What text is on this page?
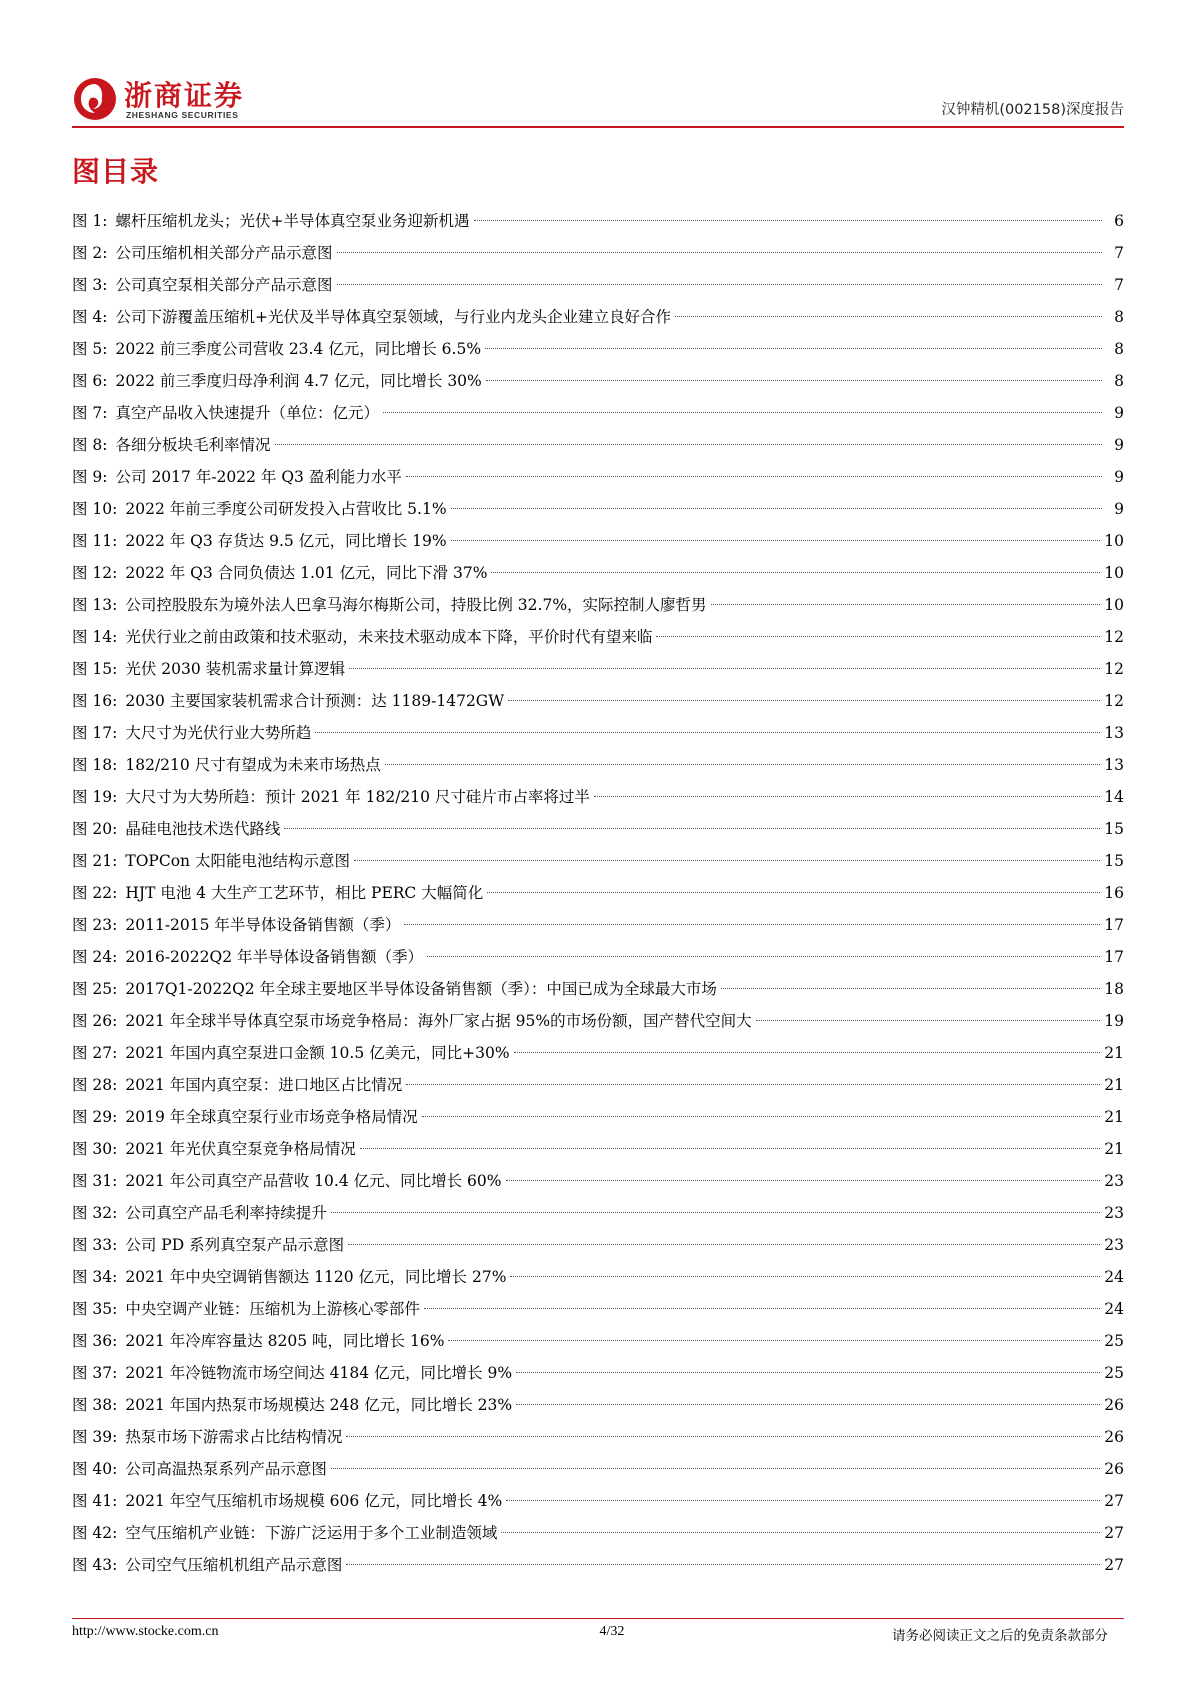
浙商证券
ZHESHANG SECURITIES	汉钟精机(002158)深度报告
图目录
图 1: 螺杆压缩机龙头；光伏+半导体真空泵业务迎新机遇	6
图 2: 公司压缩机相关部分产品示意图	7
图 3: 公司真空泵相关部分产品示意图	7
图 4: 公司下游覆盖压缩机+光伏及半导体真空泵领域，与行业内龙头企业建立良好合作	8
图 5: 2022 前三季度公司营收 23.4 亿元，同比增长 6.5%	8
图 6: 2022 前三季度归母净利润 4.7 亿元，同比增长 30%	8
图 7: 真空产品收入快速提升（单位：亿元）	9
图 8: 各细分板块毛利率情况	9
图 9: 公司 2017 年-2022 年 Q3 盈利能力水平	9
图 10: 2022 年前三季度公司研发投入占营收比 5.1%	9
图 11: 2022 年 Q3 存货达 9.5 亿元，同比增长 19%	10
图 12: 2022 年 Q3 合同负债达 1.01 亿元，同比下滑 37%	10
图 13: 公司控股股东为境外法人巴拿马海尔梅斯公司，持股比例 32.7%，实际控制人廖哲男	10
图 14: 光伏行业之前由政策和技术驱动，未来技术驱动成本下降，平价时代有望来临	12
图 15: 光伏 2030 装机需求量计算逻辑	12
图 16: 2030 主要国家装机需求合计预测：达 1189-1472GW	12
图 17: 大尺寸为光伏行业大势所趋	13
图 18: 182/210 尺寸有望成为未来市场热点	13
图 19: 大尺寸为大势所趋：预计 2021 年 182/210 尺寸硅片市占率将过半	14
图 20: 晶硅电池技术迭代路线	15
图 21: TOPCon 太阳能电池结构示意图	15
图 22: HJT 电池 4 大生产工艺环节，相比 PERC 大幅简化	16
图 23: 2011-2015 年半导体设备销售额（季）	17
图 24: 2016-2022Q2 年半导体设备销售额（季）	17
图 25: 2017Q1-2022Q2 年全球主要地区半导体设备销售额（季）：中国已成为全球最大市场	18
图 26: 2021 年全球半导体真空泵市场竞争格局：海外厂家占据 95%的市场份额，国产替代空间大	19
图 27: 2021 年国内真空泵进口金额 10.5 亿美元，同比+30%	21
图 28: 2021 年国内真空泵：进口地区占比情况	21
图 29: 2019 年全球真空泵行业市场竞争格局情况	21
图 30: 2021 年光伏真空泵竞争格局情况	21
图 31: 2021 年公司真空产品营收 10.4 亿元、同比增长 60%	23
图 32: 公司真空产品毛利率持续提升	23
图 33: 公司 PD 系列真空泵产品示意图	23
图 34: 2021 年中央空调销售额达 1120 亿元，同比增长 27%	24
图 35: 中央空调产业链：压缩机为上游核心零部件	24
图 36: 2021 年冷库容量达 8205 吨，同比增长 16%	25
图 37: 2021 年冷链物流市场空间达 4184 亿元，同比增长 9%	25
图 38: 2021 年国内热泵市场规模达 248 亿元，同比增长 23%	26
图 39: 热泵市场下游需求占比结构情况	26
图 40: 公司高温热泵系列产品示意图	26
图 41: 2021 年空气压缩机市场规模 606 亿元，同比增长 4%	27
图 42: 空气压缩机产业链：下游广泛运用于多个工业制造领域	27
图 43: 公司空气压缩机机组产品示意图	27
http://www.stocke.com.cn	4/32	请务必阅读正文之后的免责条款部分
